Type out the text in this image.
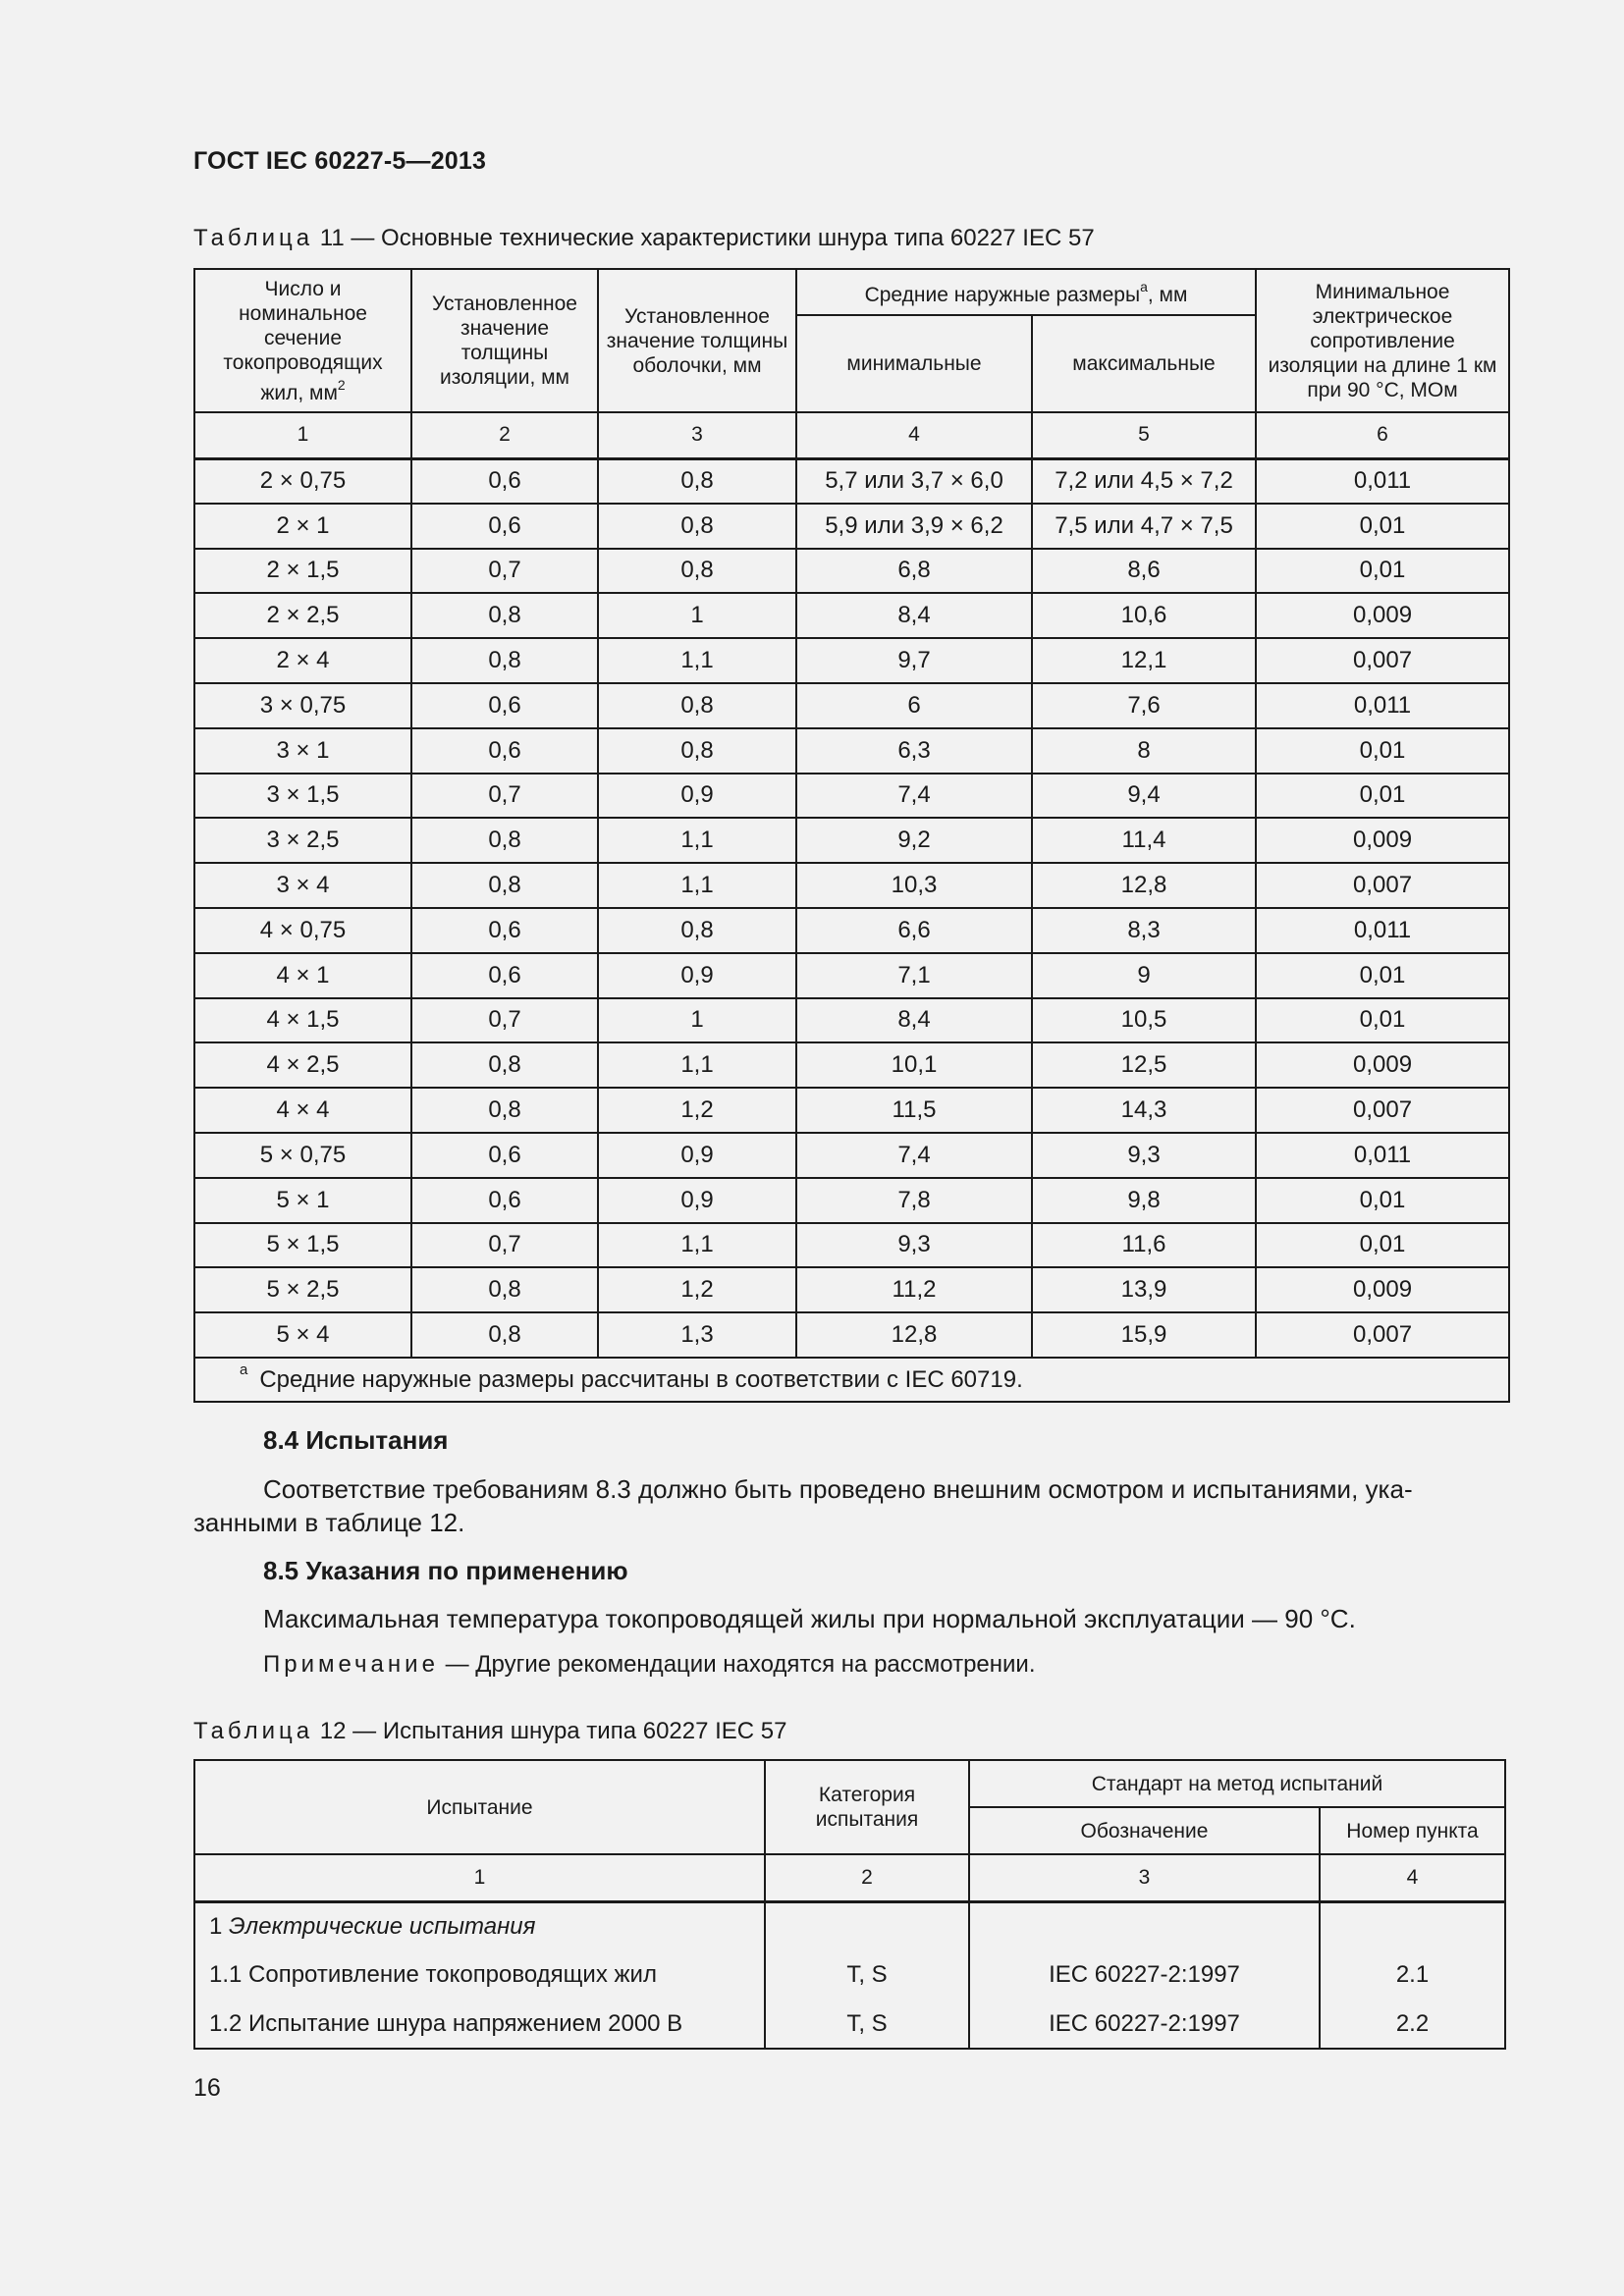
ГОСТ IEC 60227-5—2013
Таблица 11 — Основные технические характеристики шнура типа 60227 IEC 57
Число и номинальное сечение токопроводящих жил, $мм^2$	Установленное значение толщины изоляции, мм	Установленное значение толщины оболочки, мм	Средние наружные размеры$^a$, мм		Минимальное электрическое сопротивление изоляции на длине 1 км при 90 °С, МОм
			минимальные	максимальные	
1	2	3	4	5	6
2 × 0,75	0,6	0,8	5,7 или 3,7 × 6,0	7,2 или 4,5 × 7,2	0,011
2 × 1	0,6	0,8	5,9 или 3,9 × 6,2	7,5 или 4,7 × 7,5	0,01
2 × 1,5	0,7	0,8	6,8	8,6	0,01
2 × 2,5	0,8	1	8,4	10,6	0,009
2 × 4	0,8	1,1	9,7	12,1	0,007
3 × 0,75	0,6	0,8	6	7,6	0,011
3 × 1	0,6	0,8	6,3	8	0,01
3 × 1,5	0,7	0,9	7,4	9,4	0,01
3 × 2,5	0,8	1,1	9,2	11,4	0,009
3 × 4	0,8	1,1	10,3	12,8	0,007
4 × 0,75	0,6	0,8	6,6	8,3	0,011
4 × 1	0,6	0,9	7,1	9	0,01
4 × 1,5	0,7	1	8,4	10,5	0,01
4 × 2,5	0,8	1,1	10,1	12,5	0,009
4 × 4	0,8	1,2	11,5	14,3	0,007
5 × 0,75	0,6	0,9	7,4	9,3	0,011
5 × 1	0,6	0,9	7,8	9,8	0,01
5 × 1,5	0,7	1,1	9,3	11,6	0,01
5 × 2,5	0,8	1,2	11,2	13,9	0,009
5 × 4	0,8	1,3	12,8	15,9	0,007
$^a$ Средние наружные размеры рассчитаны в соответствии с IEC 60719.					
8.4 Испытания
Соответствие требованиям 8.3 должно быть проведено внешним осмотром и испытаниями, ука-занными в таблице 12.
8.5 Указания по применению
Максимальная температура токопроводящей жилы при нормальной эксплуатации — 90 °С.
Примечание — Другие рекомендации находятся на рассмотрении.
Таблица 12 — Испытания шнура типа 60227 IEC 57
Испытание	Категория испытания	Стандарт на метод испытаний	
		Обозначение	Номер пункта
1	2	3	4
1 Электрические испытания			
1.1 Сопротивление токопроводящих жил	T, S	IEC 60227-2:1997	2.1
1.2 Испытание шнура напряжением 2000 В	T, S	IEC 60227-2:1997	2.2
16
